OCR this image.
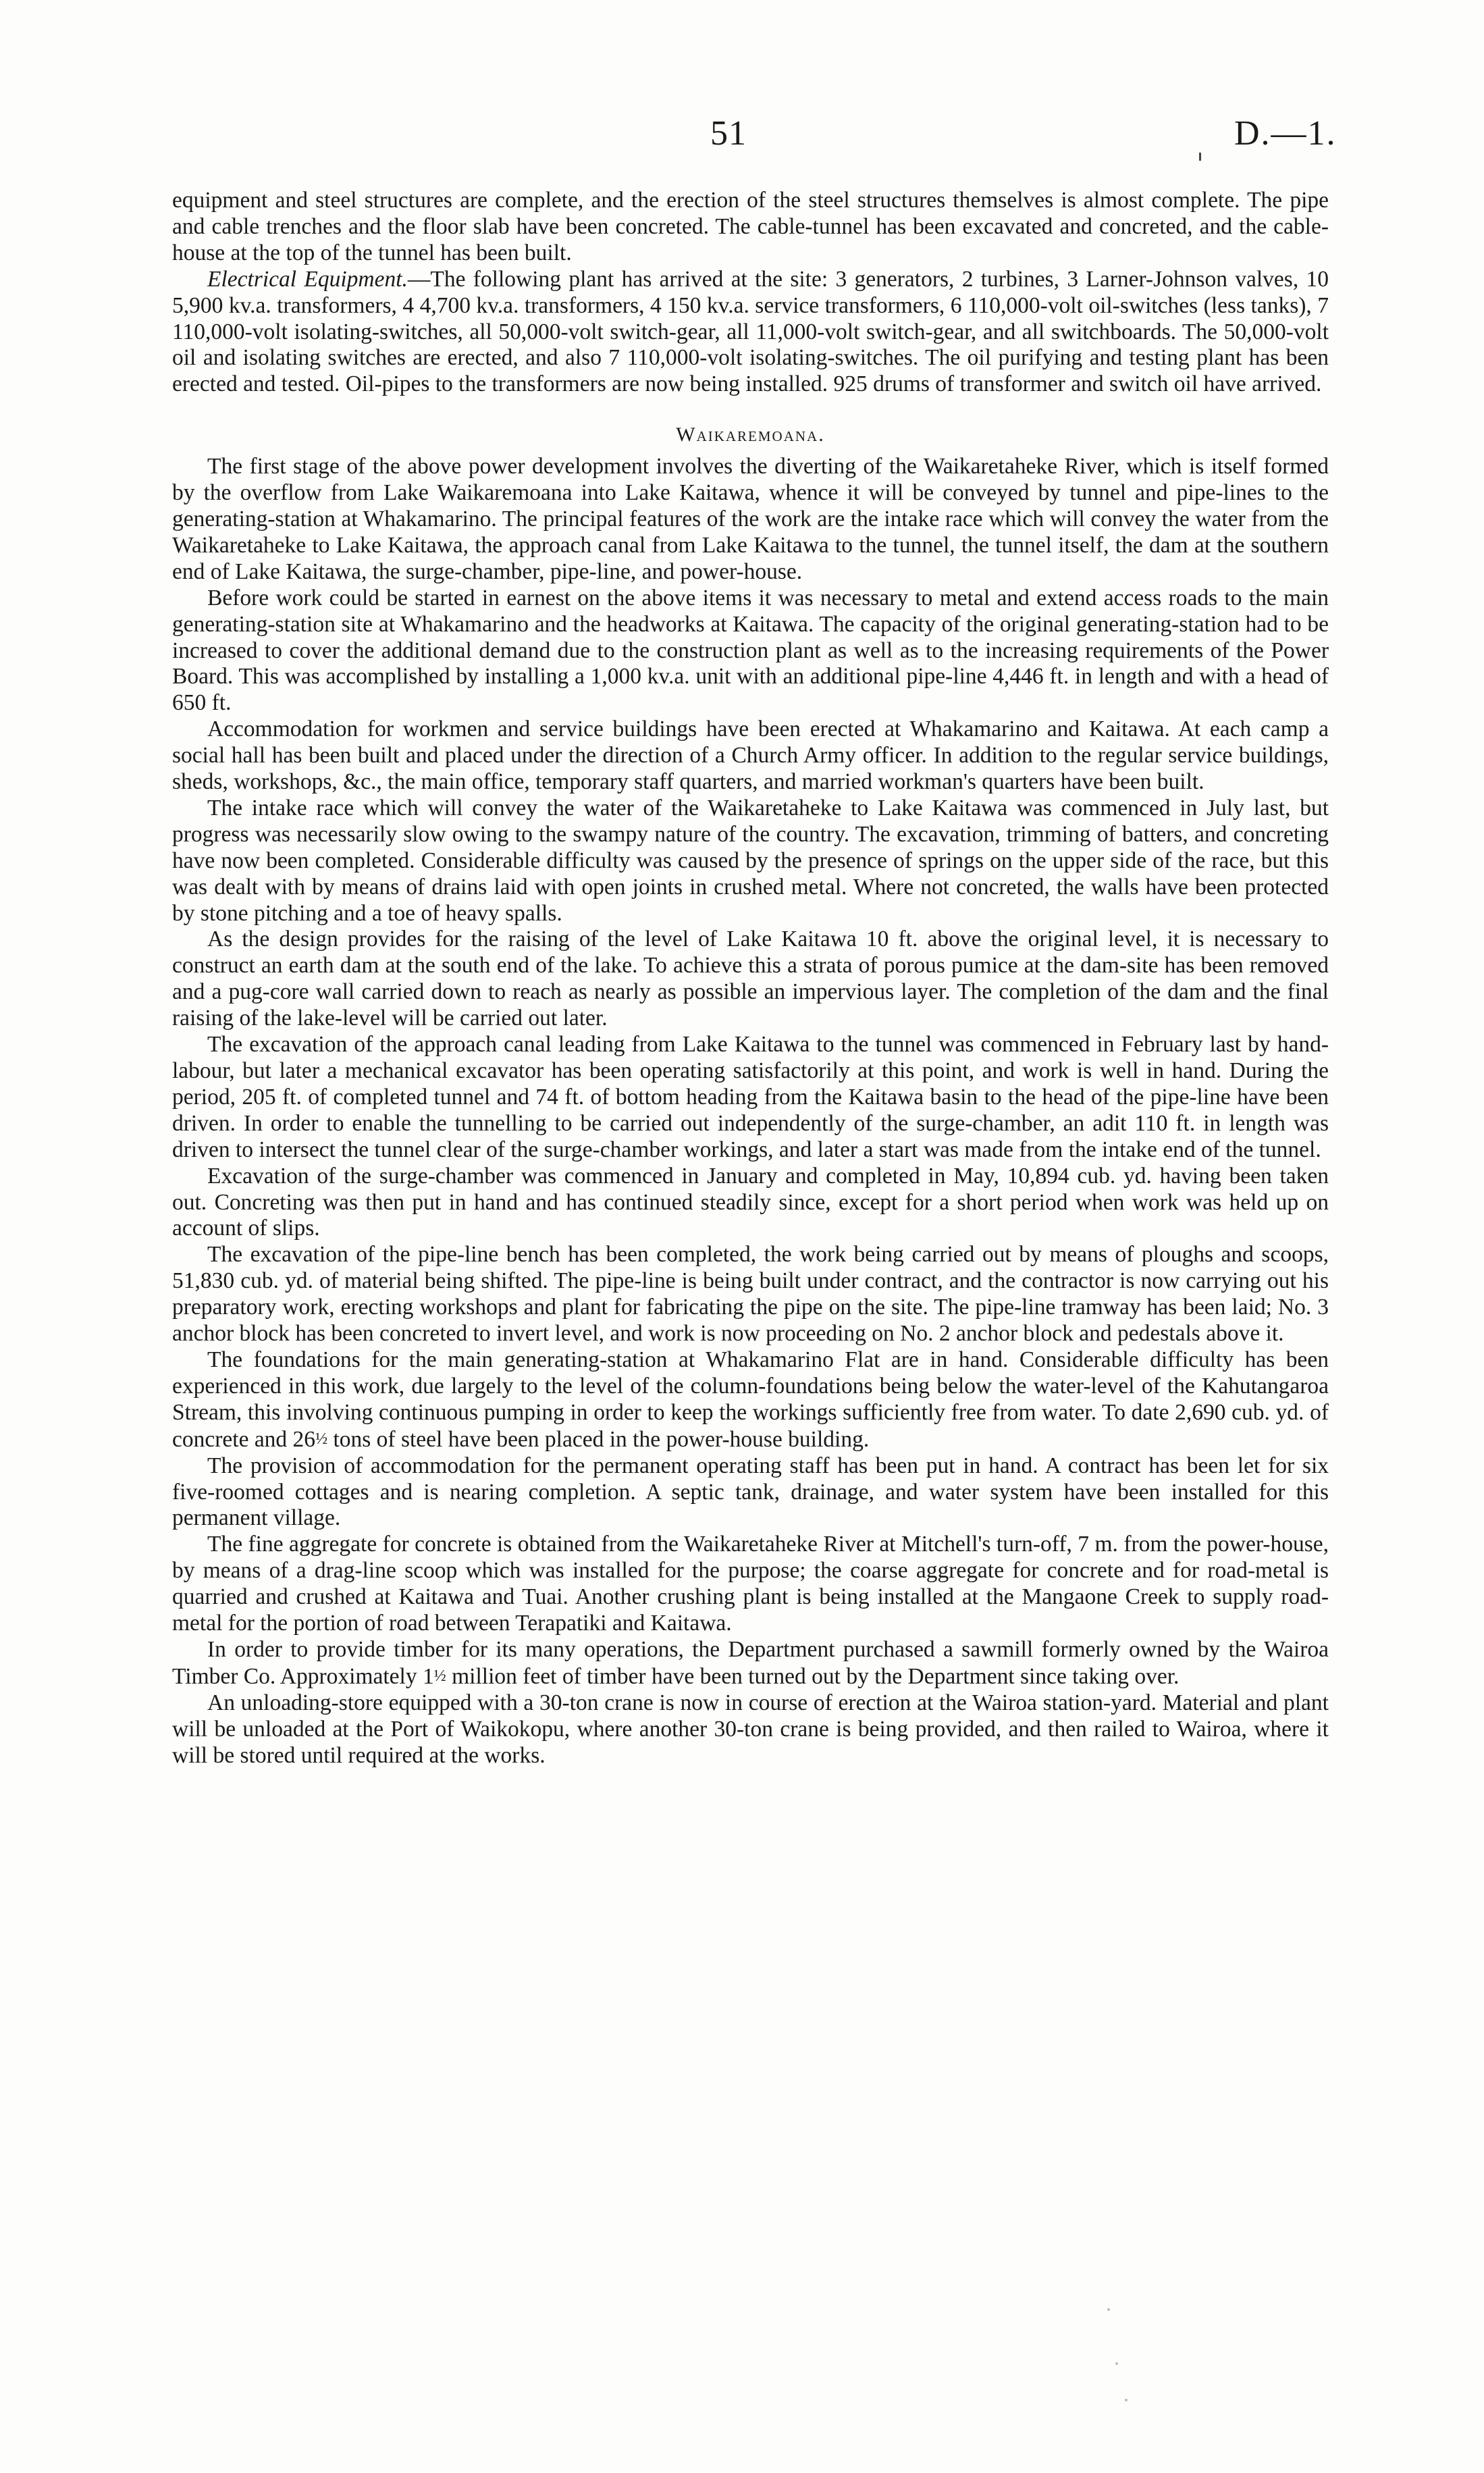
51	D.—1.

equipment and steel structures are complete, and the erection of the steel structures themselves is almost complete. The pipe and cable trenches and the floor slab have been concreted. The cable-tunnel has been excavated and concreted, and the cable-house at the top of the tunnel has been built.

Electrical Equipment.—The following plant has arrived at the site: 3 generators, 2 turbines, 3 Larner-Johnson valves, 10 5,900 kv.a. transformers, 4 4,700 kv.a. transformers, 4 150 kv.a. service transformers, 6 110,000-volt oil-switches (less tanks), 7 110,000-volt isolating-switches, all 50,000-volt switch-gear, all 11,000-volt switch-gear, and all switchboards. The 50,000-volt oil and isolating switches are erected, and also 7 110,000-volt isolating-switches. The oil purifying and testing plant has been erected and tested. Oil-pipes to the transformers are now being installed. 925 drums of transformer and switch oil have arrived.

Waikaremoana.

The first stage of the above power development involves the diverting of the Waikaretaheke River, which is itself formed by the overflow from Lake Waikaremoana into Lake Kaitawa, whence it will be conveyed by tunnel and pipe-lines to the generating-station at Whakamarino. The principal features of the work are the intake race which will convey the water from the Waikaretaheke to Lake Kaitawa, the approach canal from Lake Kaitawa to the tunnel, the tunnel itself, the dam at the southern end of Lake Kaitawa, the surge-chamber, pipe-line, and power-house.

Before work could be started in earnest on the above items it was necessary to metal and extend access roads to the main generating-station site at Whakamarino and the headworks at Kaitawa. The capacity of the original generating-station had to be increased to cover the additional demand due to the construction plant as well as to the increasing requirements of the Power Board. This was accomplished by installing a 1,000 kv.a. unit with an additional pipe-line 4,446 ft. in length and with a head of 650 ft.

Accommodation for workmen and service buildings have been erected at Whakamarino and Kaitawa. At each camp a social hall has been built and placed under the direction of a Church Army officer. In addition to the regular service buildings, sheds, workshops, &c., the main office, temporary staff quarters, and married workman's quarters have been built.

The intake race which will convey the water of the Waikaretaheke to Lake Kaitawa was commenced in July last, but progress was necessarily slow owing to the swampy nature of the country. The excavation, trimming of batters, and concreting have now been completed. Considerable difficulty was caused by the presence of springs on the upper side of the race, but this was dealt with by means of drains laid with open joints in crushed metal. Where not concreted, the walls have been protected by stone pitching and a toe of heavy spalls.

As the design provides for the raising of the level of Lake Kaitawa 10 ft. above the original level, it is necessary to construct an earth dam at the south end of the lake. To achieve this a strata of porous pumice at the dam-site has been removed and a pug-core wall carried down to reach as nearly as possible an impervious layer. The completion of the dam and the final raising of the lake-level will be carried out later.

The excavation of the approach canal leading from Lake Kaitawa to the tunnel was commenced in February last by hand-labour, but later a mechanical excavator has been operating satisfactorily at this point, and work is well in hand. During the period, 205 ft. of completed tunnel and 74 ft. of bottom heading from the Kaitawa basin to the head of the pipe-line have been driven. In order to enable the tunnelling to be carried out independently of the surge-chamber, an adit 110 ft. in length was driven to intersect the tunnel clear of the surge-chamber workings, and later a start was made from the intake end of the tunnel.

Excavation of the surge-chamber was commenced in January and completed in May, 10,894 cub. yd. having been taken out. Concreting was then put in hand and has continued steadily since, except for a short period when work was held up on account of slips.

The excavation of the pipe-line bench has been completed, the work being carried out by means of ploughs and scoops, 51,830 cub. yd. of material being shifted. The pipe-line is being built under contract, and the contractor is now carrying out his preparatory work, erecting workshops and plant for fabricating the pipe on the site. The pipe-line tramway has been laid; No. 3 anchor block has been concreted to invert level, and work is now proceeding on No. 2 anchor block and pedestals above it.

The foundations for the main generating-station at Whakamarino Flat are in hand. Considerable difficulty has been experienced in this work, due largely to the level of the column-foundations being below the water-level of the Kahutangaroa Stream, this involving continuous pumping in order to keep the workings sufficiently free from water. To date 2,690 cub. yd. of concrete and 26½ tons of steel have been placed in the power-house building.

The provision of accommodation for the permanent operating staff has been put in hand. A contract has been let for six five-roomed cottages and is nearing completion. A septic tank, drainage, and water system have been installed for this permanent village.

The fine aggregate for concrete is obtained from the Waikaretaheke River at Mitchell's turn-off, 7 m. from the power-house, by means of a drag-line scoop which was installed for the purpose; the coarse aggregate for concrete and for road-metal is quarried and crushed at Kaitawa and Tuai. Another crushing plant is being installed at the Mangaone Creek to supply road-metal for the portion of road between Terapatiki and Kaitawa.

In order to provide timber for its many operations, the Department purchased a sawmill formerly owned by the Wairoa Timber Co. Approximately 1½ million feet of timber have been turned out by the Department since taking over.

An unloading-store equipped with a 30-ton crane is now in course of erection at the Wairoa station-yard. Material and plant will be unloaded at the Port of Waikokopu, where another 30-ton crane is being provided, and then railed to Wairoa, where it will be stored until required at the works.
